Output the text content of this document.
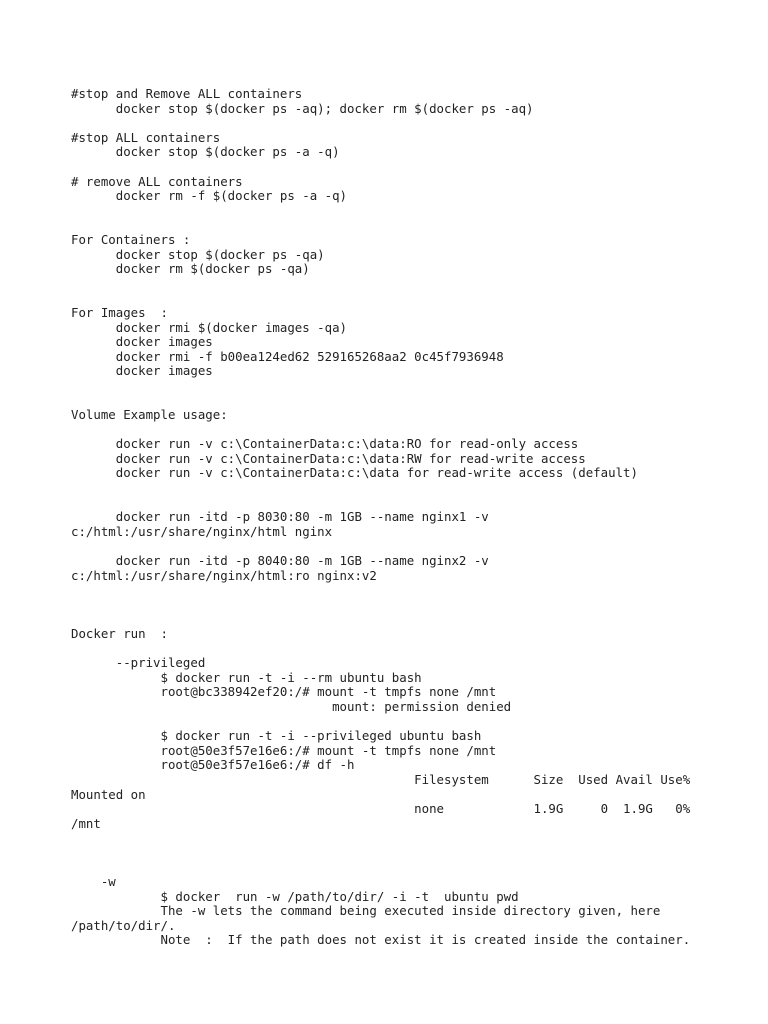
#stop and Remove ALL containers
docker stop $(docker ps -aq); docker rm $(docker ps -aq)

#stop ALL containers
docker stop $(docker ps -a -q)

# remove ALL containers
docker rm -f $(docker ps -a -q)

For Containers :
docker stop $(docker ps -qa)
docker rm $(docker ps -qa)

For Images  :
docker rmi $(docker images -qa)
docker images
docker rmi -f b00ea124ed62 529165268aa2 0c45f7936948
docker images

Volume Example usage:

docker run -v c:\ContainerData:c:\data:RO for read-only access
docker run -v c:\ContainerData:c:\data:RW for read-write access
docker run -v c:\ContainerData:c:\data for read-write access (default)

docker run -itd -p 8030:80 -m 1GB --name nginx1 -v
c:/html:/usr/share/nginx/html nginx

docker run -itd -p 8040:80 -m 1GB --name nginx2 -v
c:/html:/usr/share/nginx/html:ro nginx:v2

Docker run  :

--privileged
$ docker run -t -i --rm ubuntu bash
root@bc338942ef20:/# mount -t tmpfs none /mnt
mount: permission denied

$ docker run -t -i --privileged ubuntu bash
root@50e3f57e16e6:/# mount -t tmpfs none /mnt
root@50e3f57e16e6:/# df -h
Filesystem      Size  Used Avail Use%
Mounted on
none            1.9G     0  1.9G   0%
/mnt

-w
$ docker  run -w /path/to/dir/ -i -t  ubuntu pwd
The -w lets the command being executed inside directory given, here
/path/to/dir/.
Note  :  If the path does not exist it is created inside the container.
